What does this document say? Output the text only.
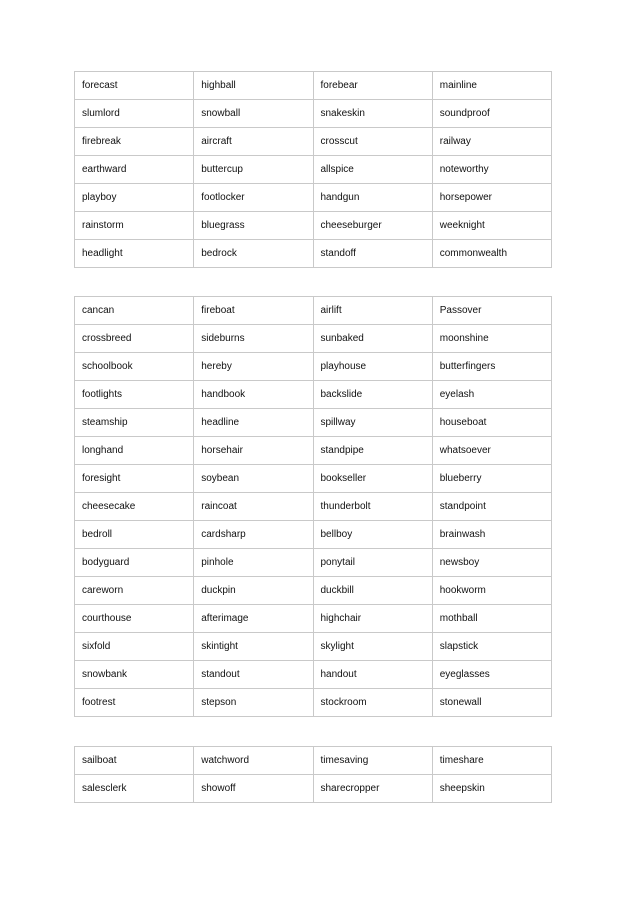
forecast	highball	forebear	mainline
slumlord	snowball	snakeskin	soundproof
firebreak	aircraft	crosscut	railway
earthward	buttercup	allspice	noteworthy
playboy	footlocker	handgun	horsepower
rainstorm	bluegrass	cheeseburger	weeknight
headlight	bedrock	standoff	commonwealth
cancan	fireboat	airlift	Passover
crossbreed	sideburns	sunbaked	moonshine
schoolbook	hereby	playhouse	butterfingers
footlights	handbook	backslide	eyelash
steamship	headline	spillway	houseboat
longhand	horsehair	standpipe	whatsoever
foresight	soybean	bookseller	blueberry
cheesecake	raincoat	thunderbolt	standpoint
bedroll	cardsharp	bellboy	brainwash
bodyguard	pinhole	ponytail	newsboy
careworn	duckpin	duckbill	hookworm
courthouse	afterimage	highchair	mothball
sixfold	skintight	skylight	slapstick
snowbank	standout	handout	eyeglasses
footrest	stepson	stockroom	stonewall
sailboat	watchword	timesaving	timeshare
salesclerk	showoff	sharecropper	sheepskin
